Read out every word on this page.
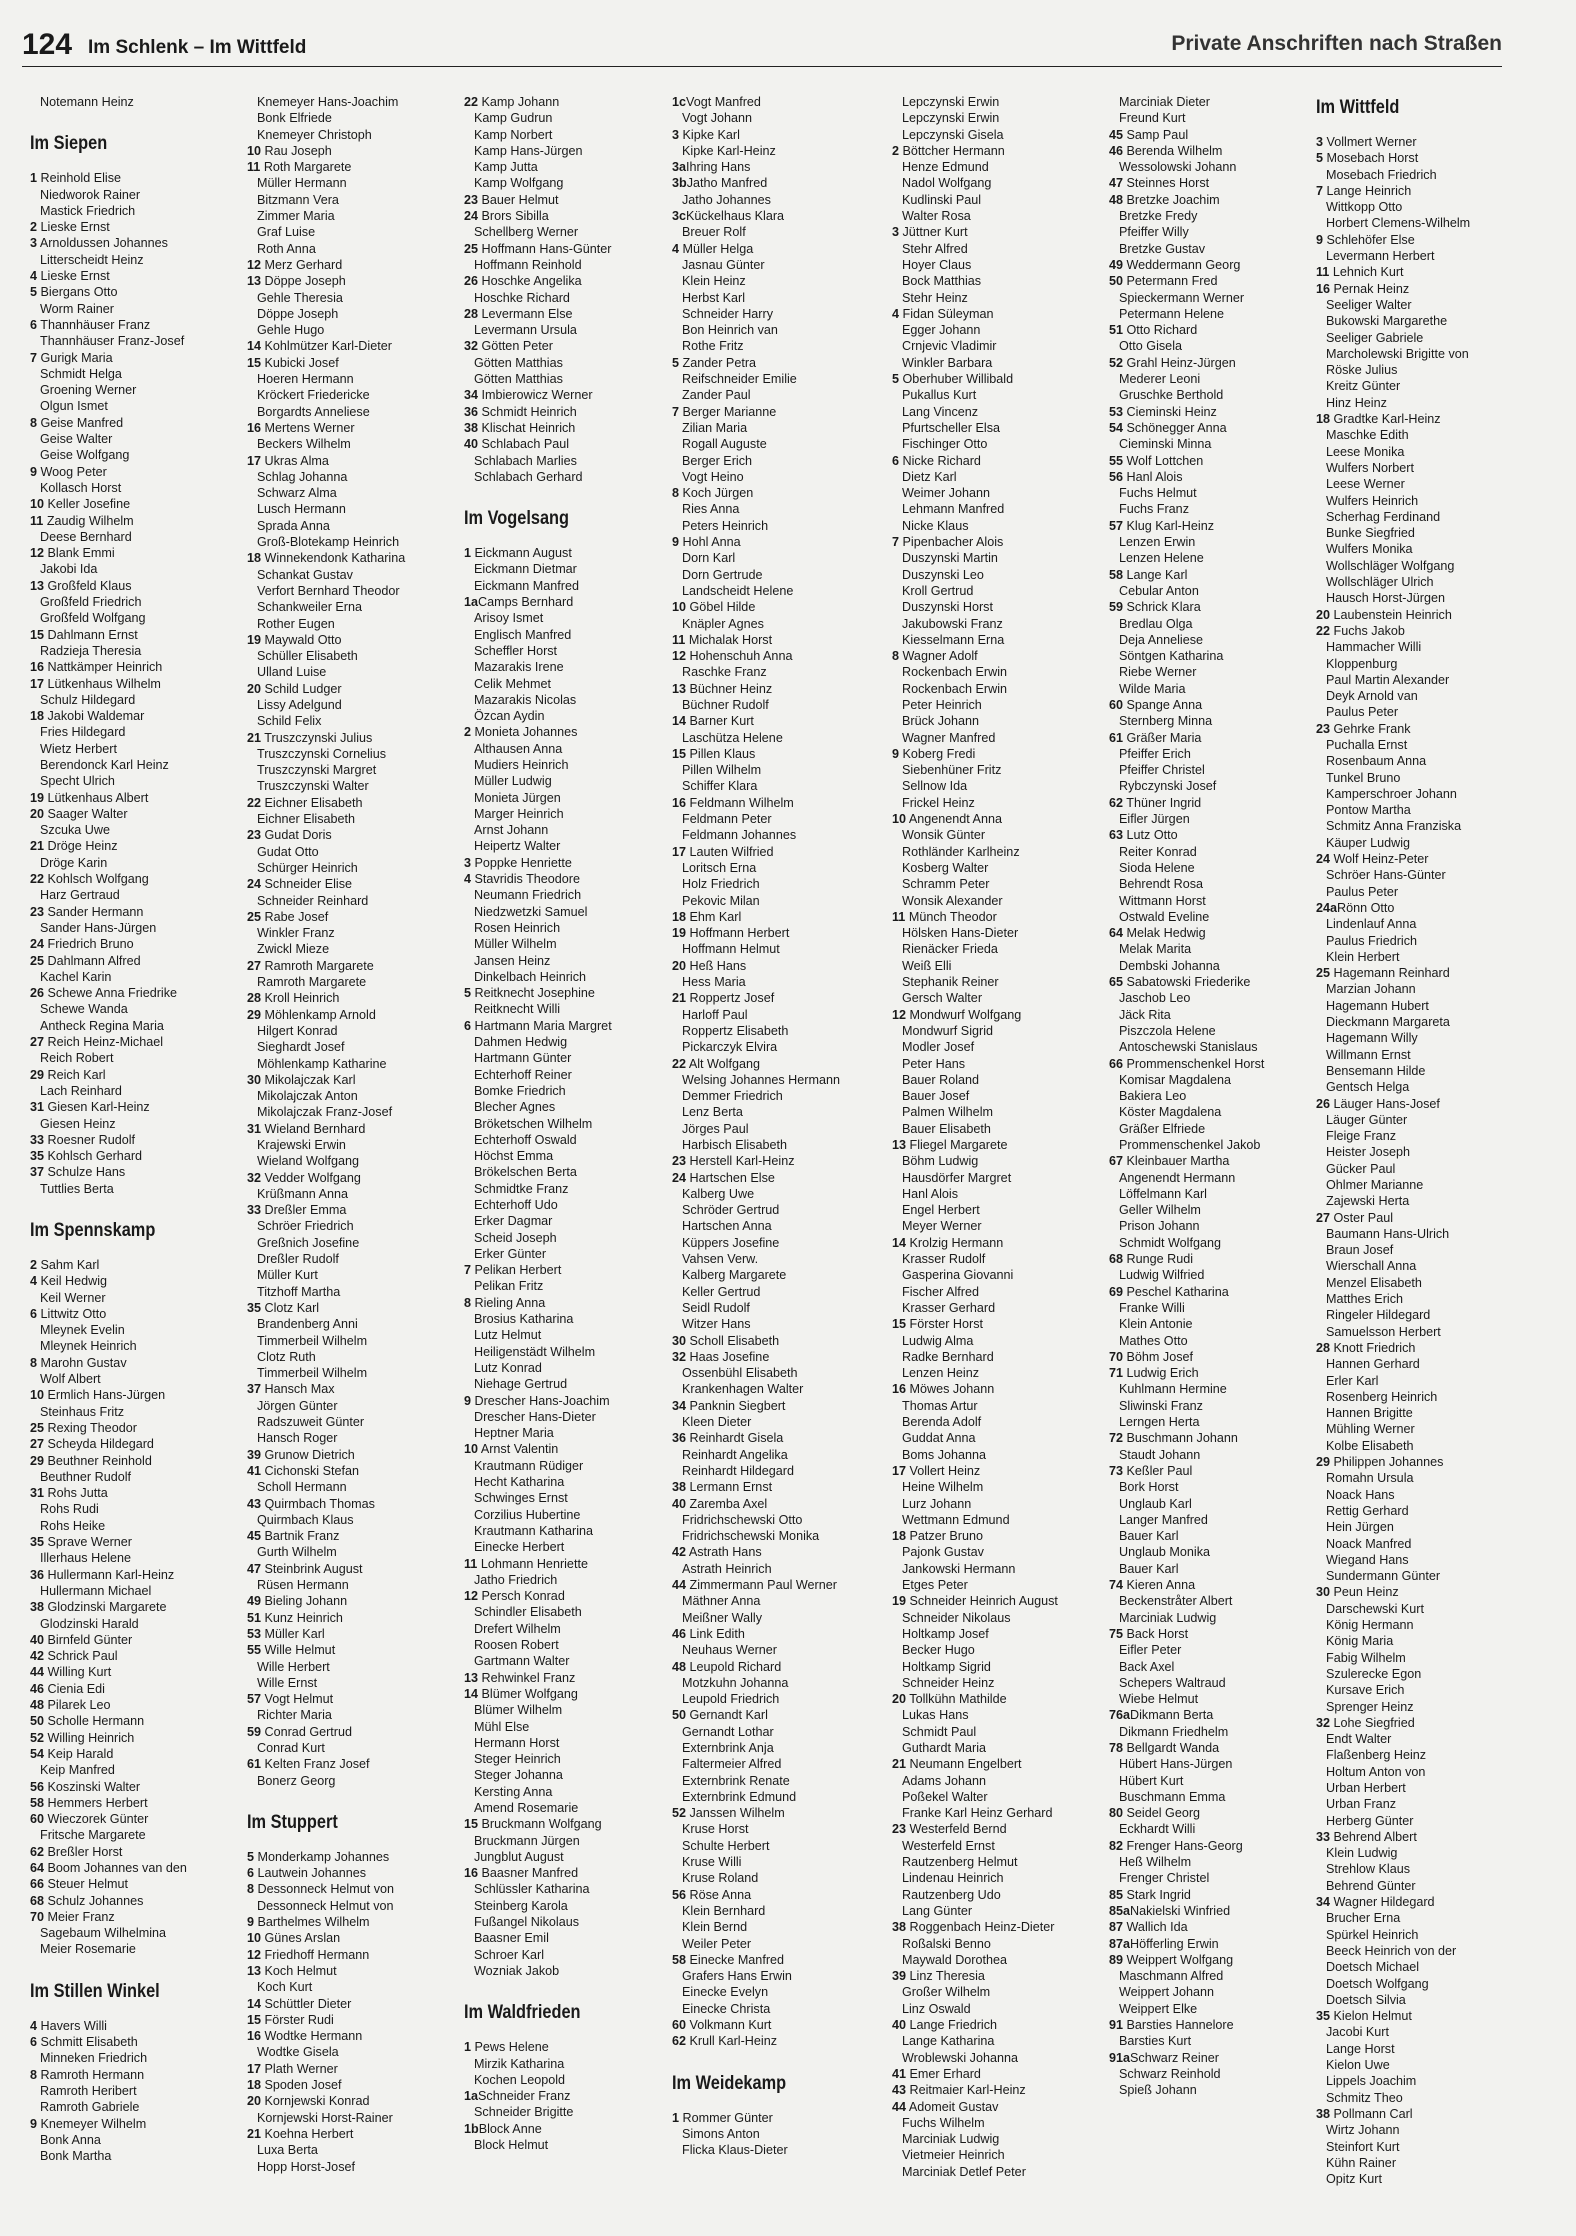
124 Im Schlenk – Im Wittfeld	Private Anschriften nach Straßen
Notemann Heinz
Im Siepen
1 Reinhold Elise
Niedworok Rainer
Mastick Friedrich
2 Lieske Ernst
3 Arnoldussen Johannes
Litterscheidt Heinz
4 Lieske Ernst
5 Biergans Otto
Worm Rainer
6 Thannhäuser Franz
Thannhäuser Franz-Josef
7 Gurigk Maria
Schmidt Helga
Groening Werner
Olgun Ismet
8 Geise Manfred
Geise Walter
Geise Wolfgang
9 Woog Peter
Kollasch Horst
10 Keller Josefine
11 Zaudig Wilhelm
Deese Bernhard
12 Blank Emmi
Jakobi Ida
13 Großfeld Klaus
Großfeld Friedrich
Großfeld Wolfgang
15 Dahlmann Ernst
Radzieja Theresia
16 Nattkämper Heinrich
17 Lütkenhaus Wilhelm
Schulz Hildegard
18 Jakobi Waldemar
Fries Hildegard
Wietz Herbert
Berendonck Karl Heinz
Specht Ulrich
19 Lütkenhaus Albert
20 Saager Walter
Szcuka Uwe
21 Dröge Heinz
Dröge Karin
22 Kohlsch Wolfgang
Harz Gertraud
23 Sander Hermann
Sander Hans-Jürgen
24 Friedrich Bruno
25 Dahlmann Alfred
Kachel Karin
26 Schewe Anna Friedrike
Schewe Wanda
Antheck Regina Maria
27 Reich Heinz-Michael
Reich Robert
29 Reich Karl
Lach Reinhard
31 Giesen Karl-Heinz
Giesen Heinz
33 Roesner Rudolf
35 Kohlsch Gerhard
37 Schulze Hans
Tuttlies Berta
Im Spennskamp
2 Sahm Karl
4 Keil Hedwig
Keil Werner
6 Littwitz Otto
Mleynek Evelin
Mleynek Heinrich
8 Marohn Gustav
Wolf Albert
10 Ermlich Hans-Jürgen
Steinhaus Fritz
25 Rexing Theodor
27 Scheyda Hildegard
29 Beuthner Reinhold
Beuthner Rudolf
31 Rohs Jutta
Rohs Rudi
Rohs Heike
35 Sprave Werner
Illerhaus Helene
36 Hullermann Karl-Heinz
Hullermann Michael
38 Glodzinski Margarete
Glodzinski Harald
40 Birnfeld Günter
42 Schrick Paul
44 Willing Kurt
46 Cienia Edi
48 Pilarek Leo
50 Scholle Hermann
52 Willing Heinrich
54 Keip Harald
Keip Manfred
56 Koszinski Walter
58 Hemmers Herbert
60 Wieczorek Günter
Fritsche Margarete
62 Breßler Horst
64 Boom Johannes van den
66 Steuer Helmut
68 Schulz Johannes
70 Meier Franz
Sagebaum Wilhelmina
Meier Rosemarie
Im Stillen Winkel
4 Havers Willi
6 Schmitt Elisabeth
Minneken Friedrich
8 Ramroth Hermann
Ramroth Heribert
Ramroth Gabriele
9 Knemeyer Wilhelm
Bonk Anna
Bonk Martha
Knemeyer Hans-Joachim
Bonk Elfriede
Knemeyer Christoph
10 Rau Joseph
11 Roth Margarete
Müller Hermann
Bitzmann Vera
Zimmer Maria
Graf Luise
Roth Anna
12 Merz Gerhard
13 Döppe Joseph
Gehle Theresia
Döppe Joseph
Gehle Hugo
14 Kohlmützer Karl-Dieter
15 Kubicki Josef
Hoeren Hermann
Kröckert Friedericke
Borgardts Anneliese
16 Mertens Werner
Beckers Wilhelm
17 Ukras Alma
Schlag Johanna
Schwarz Alma
Lusch Hermann
Sprada Anna
Groß-Blotekamp Heinrich
18 Winnekendonk Katharina
Schankat Gustav
Verfort Bernhard Theodor
Schankweiler Erna
Rother Eugen
19 Maywald Otto
Schüller Elisabeth
Ulland Luise
20 Schild Ludger
Lissy Adelgund
Schild Felix
21 Truszczynski Julius
Truszczynski Cornelius
Truszczynski Margret
Truszczynski Walter
22 Eichner Elisabeth
Eichner Elisabeth
23 Gudat Doris
Gudat Otto
Schürger Heinrich
24 Schneider Elise
Schneider Reinhard
25 Rabe Josef
Winkler Franz
Zwickl Mieze
27 Ramroth Margarete
Ramroth Margarete
28 Kroll Heinrich
29 Möhlenkamp Arnold
Hilgert Konrad
Sieghardt Josef
Möhlenkamp Katharine
30 Mikolajczak Karl
Mikolajczak Anton
Mikolajczak Franz-Josef
31 Wieland Bernhard
Krajewski Erwin
Wieland Wolfgang
32 Vedder Wolfgang
Krüßmann Anna
33 Dreßler Emma
Schröer Friedrich
Greßnich Josefine
Dreßler Rudolf
Müller Kurt
Titzhoff Martha
35 Clotz Karl
Brandenberg Anni
Timmerbeil Wilhelm
Clotz Ruth
Timmerbeil Wilhelm
37 Hansch Max
Jörgen Günter
Radszuweit Günter
Hansch Roger
39 Grunow Dietrich
41 Cichonski Stefan
Scholl Hermann
43 Quirmbach Thomas
Quirmbach Klaus
45 Bartnik Franz
Gurth Wilhelm
47 Steinbrink August
Rüsen Hermann
49 Bieling Johann
51 Kunz Heinrich
53 Müller Karl
55 Wille Helmut
Wille Herbert
Wille Ernst
57 Vogt Helmut
Richter Maria
59 Conrad Gertrud
Conrad Kurt
61 Kelten Franz Josef
Bonerz Georg
Im Stuppert
5 Monderkamp Johannes
6 Lautwein Johannes
8 Dessonneck Helmut von
Dessonneck Helmut von
9 Barthelmes Wilhelm
10 Günes Arslan
12 Friedhoff Hermann
13 Koch Helmut
Koch Kurt
14 Schüttler Dieter
15 Förster Rudi
16 Wodtke Hermann
Wodtke Gisela
17 Plath Werner
18 Spoden Josef
20 Kornjewski Konrad
Kornjewski Horst-Rainer
21 Koehna Herbert
Luxa Berta
Hopp Horst-Josef
22 Kamp Johann
Kamp Gudrun
Kamp Norbert
Kamp Hans-Jürgen
Kamp Jutta
Kamp Wolfgang
23 Bauer Helmut
24 Brors Sibilla
Schellberg Werner
25 Hoffmann Hans-Günter
Hoffmann Reinhold
26 Hoschke Angelika
Hoschke Richard
28 Levermann Else
Levermann Ursula
32 Götten Peter
Götten Matthias
Götten Matthias
34 Imbierowicz Werner
36 Schmidt Heinrich
38 Klischat Heinrich
40 Schlabach Paul
Schlabach Marlies
Schlabach Gerhard
Im Vogelsang
1 Eickmann August
Eickmann Dietmar
Eickmann Manfred
1aCamps Bernhard
Arisoy Ismet
Englisch Manfred
Scheffler Horst
Mazarakis Irene
Celik Mehmet
Mazarakis Nicolas
Özcan Aydin
2 Monieta Johannes
Althausen Anna
Mudiers Heinrich
Müller Ludwig
Monieta Jürgen
Marger Heinrich
Arnst Johann
Heipertz Walter
3 Poppke Henriette
4 Stavridis Theodore
Neumann Friedrich
Niedzwetzki Samuel
Rosen Heinrich
Müller Wilhelm
Jansen Heinz
Dinkelbach Heinrich
5 Reitknecht Josephine
Reitknecht Willi
6 Hartmann Maria Margret
Dahmen Hedwig
Hartmann Günter
Echterhoff Reiner
Bomke Friedrich
Blecher Agnes
Bröketschen Wilhelm
Echterhoff Oswald
Höchst Emma
Brökelschen Berta
Schmidtke Franz
Echterhoff Udo
Erker Dagmar
Scheid Joseph
Erker Günter
7 Pelikan Herbert
Pelikan Fritz
8 Rieling Anna
Brosius Katharina
Lutz Helmut
Heiligenstädt Wilhelm
Lutz Konrad
Niehage Gertrud
9 Drescher Hans-Joachim
Drescher Hans-Dieter
Heptner Maria
10 Arnst Valentin
Krautmann Rüdiger
Hecht Katharina
Schwinges Ernst
Corzilius Hubertine
Krautmann Katharina
Einecke Herbert
11 Lohmann Henriette
Jatho Friedrich
12 Persch Konrad
Schindler Elisabeth
Drefert Wilhelm
Roosen Robert
Gartmann Walter
13 Rehwinkel Franz
14 Blümer Wolfgang
Blümer Wilhelm
Mühl Else
Hermann Horst
Steger Heinrich
Steger Johanna
Kersting Anna
Amend Rosemarie
15 Bruckmann Wolfgang
Bruckmann Jürgen
Jungblut August
16 Baasner Manfred
Schlüssler Katharina
Steinberg Karola
Fußangel Nikolaus
Baasner Emil
Schroer Karl
Wozniak Jakob
Im Waldfrieden
1 Pews Helene
Mirzik Katharina
Kochen Leopold
1aSchneider Franz
Schneider Brigitte
1bBlock Anne
Block Helmut
1cVogt Manfred
Vogt Johann
3 Kipke Karl
Kipke Karl-Heinz
3aIhring Hans
3bJatho Manfred
Jatho Johannes
3cKückelhaus Klara
Breuer Rolf
4 Müller Helga
Jasnau Günter
Klein Heinz
Herbst Karl
Schneider Harry
Bon Heinrich van
Rothe Fritz
5 Zander Petra
Reifschneider Emilie
Zander Paul
7 Berger Marianne
Zilian Maria
Rogall Auguste
Berger Erich
Vogt Heino
8 Koch Jürgen
Ries Anna
Peters Heinrich
9 Hohl Anna
Dorn Karl
Dorn Gertrude
Landscheidt Helene
10 Göbel Hilde
Knäpler Agnes
11 Michalak Horst
12 Hohenschuh Anna
Raschke Franz
13 Büchner Heinz
Büchner Rudolf
14 Barner Kurt
Laschütza Helene
15 Pillen Klaus
Pillen Wilhelm
Schiffer Klara
16 Feldmann Wilhelm
Feldmann Peter
Feldmann Johannes
17 Lauten Wilfried
Loritsch Erna
Holz Friedrich
Pekovic Milan
18 Ehm Karl
19 Hoffmann Herbert
Hoffmann Helmut
20 Heß Hans
Hess Maria
21 Roppertz Josef
Harloff Paul
Roppertz Elisabeth
Pickarczyk Elvira
22 Alt Wolfgang
Welsing Johannes Hermann
Demmer Friedrich
Lenz Berta
Jörges Paul
Harbisch Elisabeth
23 Herstell Karl-Heinz
24 Hartschen Else
Kalberg Uwe
Schröder Gertrud
Hartschen Anna
Küppers Josefine
Vahsen Verw.
Kalberg Margarete
Keller Gertrud
Seidl Rudolf
Witzer Hans
30 Scholl Elisabeth
32 Haas Josefine
Ossenbühl Elisabeth
Krankenhagen Walter
34 Panknin Siegbert
Kleen Dieter
36 Reinhardt Gisela
Reinhardt Angelika
Reinhardt Hildegard
38 Lermann Ernst
40 Zaremba Axel
Fridrichschewski Otto
Fridrichschewski Monika
42 Astrath Hans
Astrath Heinrich
44 Zimmermann Paul Werner
Mäthner Anna
Meißner Wally
46 Link Edith
Neuhaus Werner
48 Leupold Richard
Motzkuhn Johanna
Leupold Friedrich
50 Gernandt Karl
Gernandt Lothar
Externbrink Anja
Faltermeier Alfred
Externbrink Renate
Externbrink Edmund
52 Janssen Wilhelm
Kruse Horst
Schulte Herbert
Kruse Willi
Kruse Roland
56 Röse Anna
Klein Bernhard
Klein Bernd
Weiler Peter
58 Einecke Manfred
Grafers Hans Erwin
Einecke Evelyn
Einecke Christa
60 Volkmann Kurt
62 Krull Karl-Heinz
Im Weidekamp
1 Rommer Günter
Simons Anton
Flicka Klaus-Dieter
Lepczynski Erwin
Lepczynski Erwin
Lepczynski Gisela
2 Böttcher Hermann
Henze Edmund
Nadol Wolfgang
Kudlinski Paul
Walter Rosa
3 Jüttner Kurt
Stehr Alfred
Hoyer Claus
Bock Matthias
Stehr Heinz
4 Fidan Süleyman
Egger Johann
Crnjevic Vladimir
Winkler Barbara
5 Oberhuber Willibald
Pukallus Kurt
Lang Vincenz
Pfurtscheller Elsa
Fischinger Otto
6 Nicke Richard
Dietz Karl
Weimer Johann
Lehmann Manfred
Nicke Klaus
7 Pipenbacher Alois
Duszynski Martin
Duszynski Leo
Kroll Gertrud
Duszynski Horst
Jakubowski Franz
Kiesselmann Erna
8 Wagner Adolf
Rockenbach Erwin
Rockenbach Erwin
Peter Heinrich
Brück Johann
Wagner Manfred
9 Koberg Fredi
Siebenhüner Fritz
Sellnow Ida
Frickel Heinz
10 Angenendt Anna
Wonsik Günter
Rothländer Karlheinz
Kosberg Walter
Schramm Peter
Wonsik Alexander
11 Münch Theodor
Hölsken Hans-Dieter
Rienäcker Frieda
Weiß Elli
Stephanik Reiner
Gersch Walter
12 Mondwurf Wolfgang
Mondwurf Sigrid
Modler Josef
Peter Hans
Bauer Roland
Bauer Josef
Palmen Wilhelm
Bauer Elisabeth
13 Fliegel Margarete
Böhm Ludwig
Hausdörfer Margret
Hanl Alois
Engel Herbert
Meyer Werner
14 Krolzig Hermann
Krasser Rudolf
Gasperina Giovanni
Fischer Alfred
Krasser Gerhard
15 Förster Horst
Ludwig Alma
Radke Bernhard
Lenzen Heinz
16 Möwes Johann
Thomas Artur
Berenda Adolf
Guddat Anna
Boms Johanna
17 Vollert Heinz
Heine Wilhelm
Lurz Johann
Wettmann Edmund
18 Patzer Bruno
Pajonk Gustav
Jankowski Hermann
Etges Peter
19 Schneider Heinrich August
Schneider Nikolaus
Holtkamp Josef
Becker Hugo
Holtkamp Sigrid
Schneider Heinz
20 Tollkühn Mathilde
Lukas Hans
Schmidt Paul
Guthardt Maria
21 Neumann Engelbert
Adams Johann
Poßekel Walter
Franke Karl Heinz Gerhard
23 Westerfeld Bernd
Westerfeld Ernst
Rautzenberg Helmut
Lindenau Heinrich
Rautzenberg Udo
Lang Günter
38 Roggenbach Heinz-Dieter
Roßalski Benno
Maywald Dorothea
39 Linz Theresia
Großer Wilhelm
Linz Oswald
40 Lange Friedrich
Lange Katharina
Wroblewski Johanna
41 Emer Erhard
43 Reitmaier Karl-Heinz
44 Adomeit Gustav
Fuchs Wilhelm
Marciniak Ludwig
Vietmeier Heinrich
Marciniak Detlef Peter
Marciniak Dieter
Freund Kurt
45 Samp Paul
46 Berenda Wilhelm
Wessolowski Johann
47 Steinnes Horst
48 Bretzke Joachim
Bretzke Fredy
Pfeiffer Willy
Bretzke Gustav
49 Weddermann Georg
50 Petermann Fred
Spieckermann Werner
Petermann Helene
51 Otto Richard
Otto Gisela
52 Grahl Heinz-Jürgen
Mederer Leoni
Gruschke Berthold
53 Cieminski Heinz
54 Schönegger Anna
Cieminski Minna
55 Wolf Lottchen
56 Hanl Alois
Fuchs Helmut
Fuchs Franz
57 Klug Karl-Heinz
Lenzen Erwin
Lenzen Helene
58 Lange Karl
Cebular Anton
59 Schrick Klara
Bredlau Olga
Deja Anneliese
Söntgen Katharina
Riebe Werner
Wilde Maria
60 Spange Anna
Sternberg Minna
61 Gräßer Maria
Pfeiffer Erich
Pfeiffer Christel
Rybczynski Josef
62 Thüner Ingrid
Eifler Jürgen
63 Lutz Otto
Reiter Konrad
Sioda Helene
Behrendt Rosa
Wittmann Horst
Ostwald Eveline
64 Melak Hedwig
Melak Marita
Dembski Johanna
65 Sabatowski Friederike
Jaschob Leo
Jäck Rita
Piszczola Helene
Antoschewski Stanislaus
66 Prommenschenkel Horst
Komisar Magdalena
Bakiera Leo
Köster Magdalena
Gräßer Elfriede
Prommenschenkel Jakob
67 Kleinbauer Martha
Angenendt Hermann
Löffelmann Karl
Geller Wilhelm
Prison Johann
Schmidt Wolfgang
68 Runge Rudi
Ludwig Wilfried
69 Peschel Katharina
Franke Willi
Klein Antonie
Mathes Otto
70 Böhm Josef
71 Ludwig Erich
Kuhlmann Hermine
Sliwinski Franz
Lerngen Herta
72 Buschmann Johann
Staudt Johann
73 Keßler Paul
Bork Horst
Unglaub Karl
Langer Manfred
Bauer Karl
Unglaub Monika
Bauer Karl
74 Kieren Anna
Beckenstråter Albert
Marciniak Ludwig
75 Back Horst
Eifler Peter
Back Axel
Schepers Waltraud
Wiebe Helmut
76aDikmann Berta
Dikmann Friedhelm
78 Bellgardt Wanda
Hübert Hans-Jürgen
Hübert Kurt
Buschmann Emma
80 Seidel Georg
Eckhardt Willi
82 Frenger Hans-Georg
Heß Wilhelm
Frenger Christel
85 Stark Ingrid
85aNakielski Winfried
87 Wallich Ida
87aHöfferling Erwin
89 Weippert Wolfgang
Maschmann Alfred
Weippert Johann
Weippert Elke
91 Barsties Hannelore
Barsties Kurt
91aSchwarz Reiner
Schwarz Reinhold
Spieß Johann
Im Wittfeld
3 Vollmert Werner
5 Mosebach Horst
Mosebach Friedrich
7 Lange Heinrich
Wittkopp Otto
Horbert Clemens-Wilhelm
9 Schlehöfer Else
Levermann Herbert
11 Lehnich Kurt
16 Pernak Heinz
Seeliger Walter
Bukowski Margarethe
Seeliger Gabriele
Marcholewski Brigitte von
Röske Julius
Kreitz Günter
Hinz Heinz
18 Gradtke Karl-Heinz
Maschke Edith
Leese Monika
Wulfers Norbert
Leese Werner
Wulfers Heinrich
Scherhag Ferdinand
Bunke Siegfried
Wulfers Monika
Wollschläger Wolfgang
Wollschläger Ulrich
Hausch Horst-Jürgen
20 Laubenstein Heinrich
22 Fuchs Jakob
Hammacher Willi
Kloppenburg
Paul Martin Alexander
Deyk Arnold van
Paulus Peter
23 Gehrke Frank
Puchalla Ernst
Rosenbaum Anna
Tunkel Bruno
Kamperschroer Johann
Pontow Martha
Schmitz Anna Franziska
Käuper Ludwig
24 Wolf Heinz-Peter
Schröer Hans-Günter
Paulus Peter
24aRönn Otto
Lindenlauf Anna
Paulus Friedrich
Klein Herbert
25 Hagemann Reinhard
Marzian Johann
Hagemann Hubert
Dieckmann Margareta
Hagemann Willy
Willmann Ernst
Bensemann Hilde
Gentsch Helga
26 Läuger Hans-Josef
Läuger Günter
Fleige Franz
Heister Joseph
Gücker Paul
Ohlmer Marianne
Zajewski Herta
27 Oster Paul
Baumann Hans-Ulrich
Braun Josef
Wierschall Anna
Menzel Elisabeth
Matthes Erich
Ringeler Hildegard
Samuelsson Herbert
28 Knott Friedrich
Hannen Gerhard
Erler Karl
Rosenberg Heinrich
Hannen Brigitte
Mühling Werner
Kolbe Elisabeth
29 Philippen Johannes
Romahn Ursula
Noack Hans
Rettig Gerhard
Hein Jürgen
Noack Manfred
Wiegand Hans
Sundermann Günter
30 Peun Heinz
Darschewski Kurt
König Hermann
König Maria
Fabig Wilhelm
Szulerecke Egon
Kursave Erich
Sprenger Heinz
32 Lohe Siegfried
Endt Walter
Flaßenberg Heinz
Holtum Anton von
Urban Herbert
Urban Franz
Herberg Günter
33 Behrend Albert
Klein Ludwig
Strehlow Klaus
Behrend Günter
34 Wagner Hildegard
Brucher Erna
Spürkel Heinrich
Beeck Heinrich von der
Doetsch Michael
Doetsch Wolfgang
Doetsch Silvia
35 Kielon Helmut
Jacobi Kurt
Lange Horst
Kielon Uwe
Lippels Joachim
Schmitz Theo
38 Pollmann Carl
Wirtz Johann
Steinfort Kurt
Kühn Rainer
Opitz Kurt
